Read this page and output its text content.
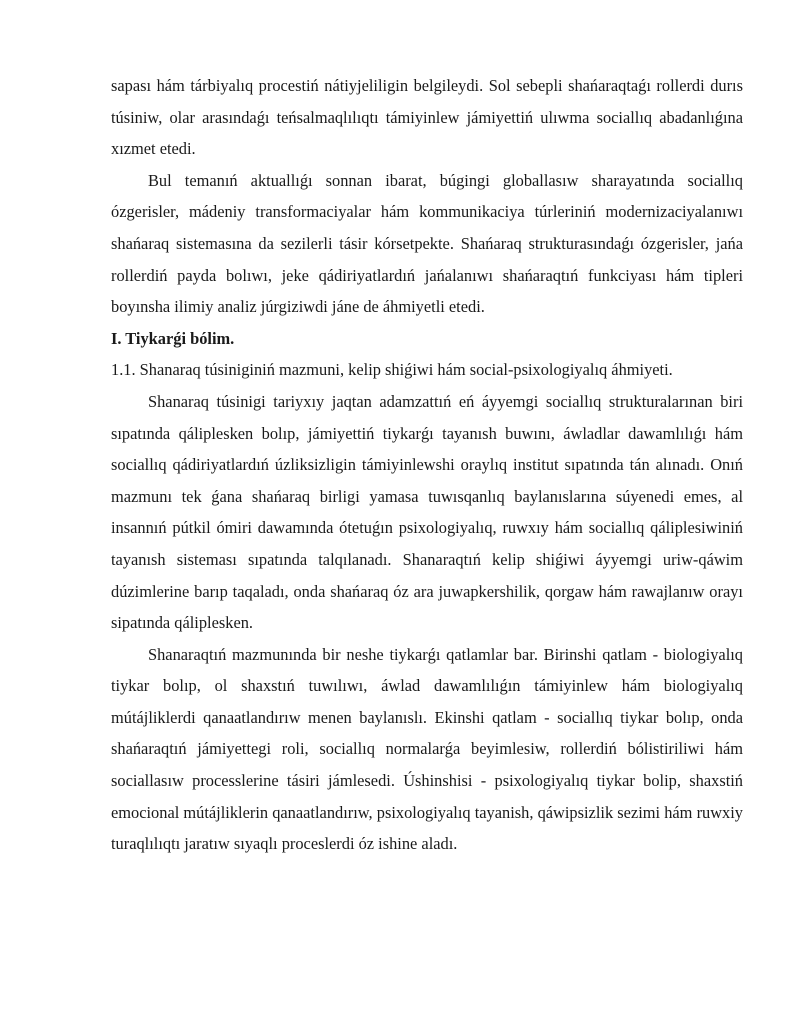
sapası hám tárbiyalıq procestiń nátiyjeliligin belgileydi. Sol sebepli shańaraqtaǵı rollerdi durıs túsiniw, olar arasındaǵı teńsalmaqlılıqtı támiyinlew jámiyettiń ulıwma sociallıq abadanlıǵına xızmet etedi.

Bul temanıń aktuallıǵı sonnan ibarat, búgingi globallasıw sharayatında sociallıq ózgerisler, mádeniy transformaciyalar hám kommunikaciya túrleriniń modernizaciyalanıwı shańaraq sistemasına da sezilerli tásir kórsetpekte. Shańaraq strukturasındaǵı ózgerisler, jańa rollerdiń payda bolıwı, jeke qádiriyatlardıń jańalanıwı shańaraqtıń funkciyası hám tipleri boyınsha ilimiy analiz júrgiziwdi jáne de áhmiyetli etedi.

I. Tiykarǵi bólim.

1.1. Shanaraq túsiniginiń mazmuni, kelip shiǵiwi hám social-psixologiyalıq áhmiyeti.

Shanaraq túsinigi tariyxıy jaqtan adamzattıń eń áyyemgi sociallıq strukturalarınan biri sıpatında qáliplesken bolıp, jámiyettiń tiykarǵı tayanısh buwını, áwladlar dawamlılıǵı hám sociallıq qádiriyatlardıń úzliksizligin támiyinlewshi oraylıq institut sıpatında tán alınadı. Onıń mazmunı tek ǵana shańaraq birligi yamasa tuwısqanlıq baylanıslarına súyenedi emes, al insannıń pútkil ómiri dawamında ótetuǵın psixologiyalıq, ruwxıy hám sociallıq qáliplesiwiniń tayanısh sisteması sıpatında talqılanadı. Shanaraqtıń kelip shiǵiwi áyyemgi uriw-qáwim dúzimlerine barıp taqaladı, onda shańaraq óz ara juwapkershilik, qorgaw hám rawajlanıw orayı sipatında qáliplesken.

Shanaraqtıń mazmunında bir neshe tiykarǵı qatlamlar bar. Birinshi qatlam - biologiyalıq tiykar bolıp, ol shaxstıń tuwılıwı, áwlad dawamlılıǵın támiyinlew hám biologiyalıq mútájliklerdi qanaatlandırıw menen baylanıslı. Ekinshi qatlam - sociallıq tiykar bolıp, onda shańaraqtıń jámiyettegi roli, sociallıq normalarǵa beyimlesiw, rollerdiń bólistiriliwi hám sociallasıw processlerine tásiri jámlesedi. Úshinshisi - psixologiyalıq tiykar bolip, shaxstiń emocional mútájliklerin qanaatlandırıw, psixologiyalıq tayanish, qáwipsizlik sezimi hám ruwxiy turaqlılıqtı jaratıw sıyaqlı proceslerdi óz ishine aladı.
